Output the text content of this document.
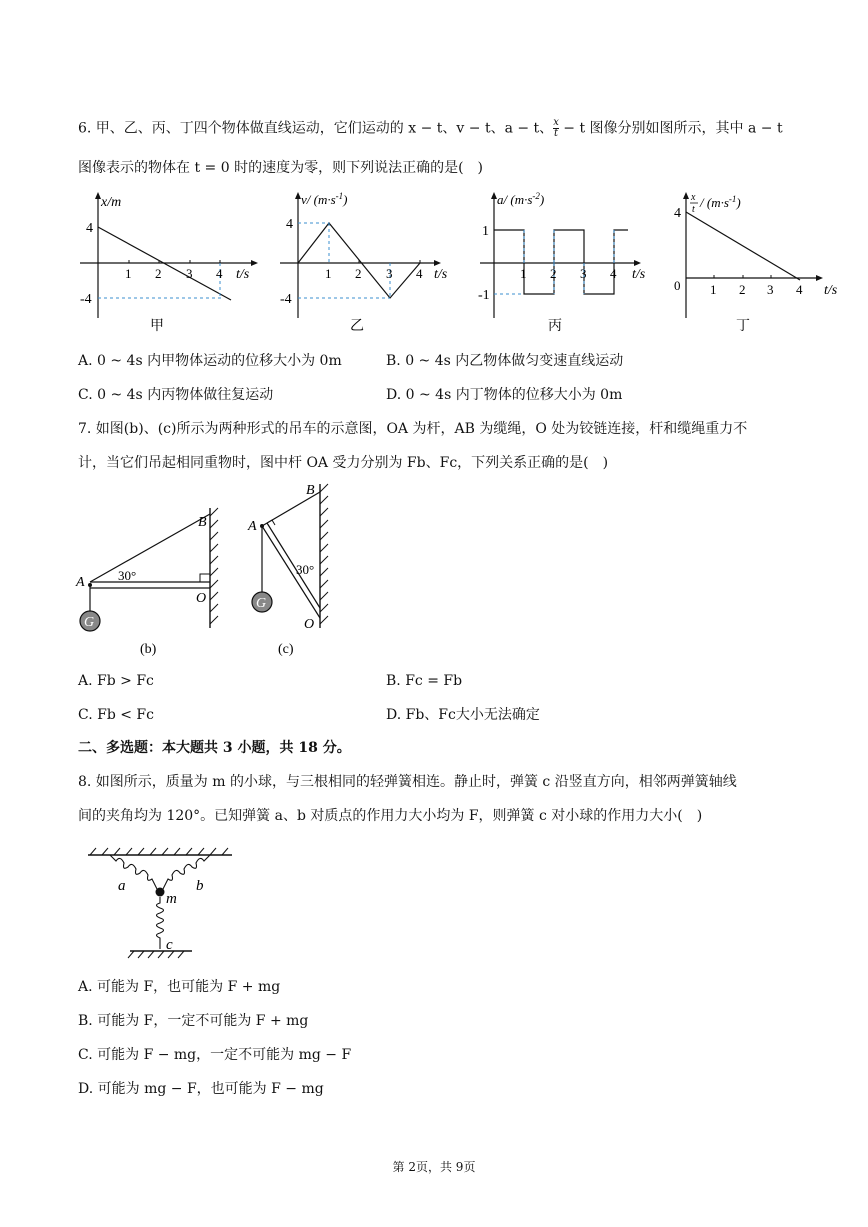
6. 甲、乙、丙、丁四个物体做直线运动，它们运动的 x − t、v − t、a − t、 $\frac{x}{t} - t$ 图像分别如图所示，其中 a − t
图像表示的物体在 t = 0 时的速度为零，则下列说法正确的是(　)
x/m
4
-4
1 2 3 4 t/s
甲
v/ $(m\cdot s^{-1})$
4
-4
1 2 3 4 t/s
乙
a/ $(m\cdot s^{-2})$
1
-1
1 2 3 4 t/s
丙
x
$t / (m\cdot s^{-1})$
4
0 1 2 3 4 t/s
丁
A. 0 ~ 4s 内甲物体运动的位移大小为 0m	B. 0 ~ 4s 内乙物体做匀变速直线运动
C. 0 ~ 4s 内丙物体做往复运动	D. 0 ~ 4s 内丁物体的位移大小为 0m
7. 如图(b)、(c)所示为两种形式的吊车的示意图，OA 为杆，AB 为缆绳，O 处为铰链连接，杆和缆绳重力不
计，当它们吊起相同重物时，图中杆 OA 受力分别为 Fb、Fc，下列关系正确的是(　)
G
A
B
O
30°
(b)
G
A
B
O
30°
(c)
A. Fb > Fc	B. Fc = Fb
C. Fb < Fc	D. Fb、Fc大小无法确定
二、多选题：本大题共 3 小题，共 18 分。
8. 如图所示，质量为 m 的小球，与三根相同的轻弹簧相连。静止时，弹簧 c 沿竖直方向，相邻两弹簧轴线
间的夹角均为 120°。已知弹簧 a、b 对质点的作用力大小均为 F，则弹簧 c 对小球的作用力大小(　)
a	b
m
c
A. 可能为 F，也可能为 F + mg
B. 可能为 F，一定不可能为 F + mg
C. 可能为 F − mg，一定不可能为 mg − F
D. 可能为 mg − F，也可能为 F − mg
第 2页，共 9页
